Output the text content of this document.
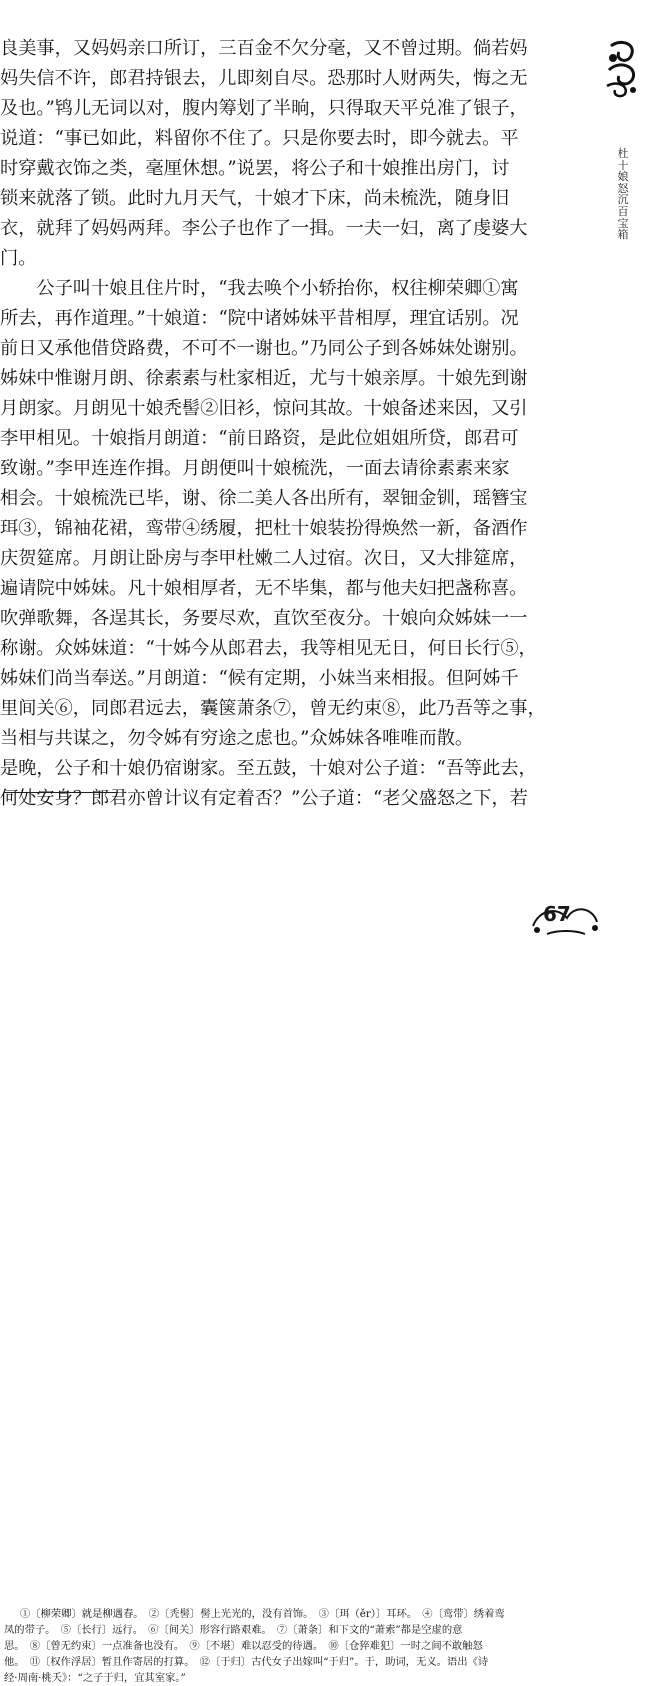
良美事，又妈妈亲口所订，三百金不欠分毫，又不曾过期。倘若妈
妈失信不许，郎君持银去，儿即刻自尽。恐那时人财两失，悔之无
及也。”鸨儿无词以对，腹内筹划了半晌，只得取天平兑准了银子，
说道：“事已如此，料留你不住了。只是你要去时，即今就去。平
时穿戴衣饰之类，毫厘休想。”说罢，将公子和十娘推出房门，讨
锁来就落了锁。此时九月天气，十娘才下床，尚未梳洗，随身旧
衣，就拜了妈妈两拜。李公子也作了一揖。一夫一妇，离了虔婆大
门。
　　公子叫十娘且住片时，“我去唤个小轿抬你，权往柳荣卿①寓
所去，再作道理。”十娘道：“院中诸姊妹平昔相厚，理宜话别。况
前日又承他借贷路费，不可不一谢也。”乃同公子到各姊妹处谢别。
姊妹中惟谢月朗、徐素素与杜家相近，尤与十娘亲厚。十娘先到谢
月朗家。月朗见十娘秃髻②旧衫，惊问其故。十娘备述来因，又引
李甲相见。十娘指月朗道：“前日路资，是此位姐姐所贷，郎君可
致谢。”李甲连连作揖。月朗便叫十娘梳洗，一面去请徐素素来家
相会。十娘梳洗已毕，谢、徐二美人各出所有，翠钿金钏，瑶簪宝
珥③，锦袖花裙，鸾带④绣履，把杜十娘装扮得焕然一新，备酒作
庆贺筵席。月朗让卧房与李甲杜嫩二人过宿。次日，又大排筵席，
遍请院中姊妹。凡十娘相厚者，无不毕集，都与他夫妇把盏称喜。
吹弹歌舞，各逞其长，务要尽欢，直饮至夜分。十娘向众姊妹一一
称谢。众姊妹道：“十姊今从郎君去，我等相见无日，何日长行⑤，
姊妹们尚当奉送。”月朗道：“候有定期，小妹当来相报。但阿姊千
里间关⑥，同郎君远去，囊箧萧条⑦，曾无约束⑧，此乃吾等之事，
当相与共谋之，勿令姊有穷途之虑也。”众姊妹各唯唯而散。
是晚，公子和十娘仍宿谢家。至五鼓，十娘对公子道：“吾等此去，
何处安身？郎君亦曾计议有定着否？”公子道：“老父盛怒之下，若
①〔柳荣卿〕就是柳遇春。　②〔秃髻〕髻上光光的，没有首饰。　③〔珥（ěr）〕耳环。　④〔鸾带〕绣着鸾
凤的带子。　⑤〔长行〕远行。　⑥〔间关〕形容行路艰难。　⑦〔萧条〕和下文的“萧索”都是空虚的意
思。　⑧〔曾无约束〕一点准备也没有。　⑨〔不堪〕难以忍受的待遇。　⑩〔仓猝难犯〕一时之间不敢触怒
他。　⑪〔权作浮居〕暂且作寄居的打算。　⑫〔于归〕古代女子出嫁叫“于归”。于，助词，无义。语出《诗
经·周南·桃夭》：“之子于归，宜其室家。”
杜
十
娘
怒
沉
百
宝
箱
67
